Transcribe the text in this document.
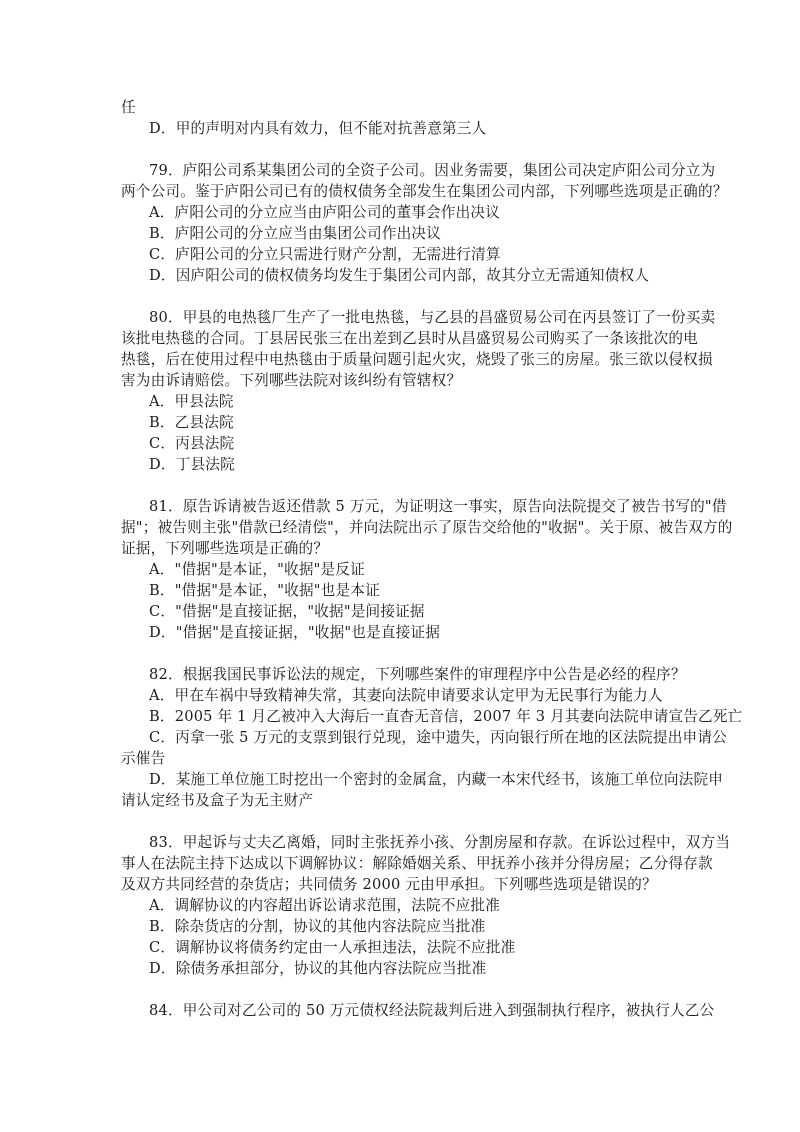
任
D．甲的声明对内具有效力，但不能对抗善意第三人
79．庐阳公司系某集团公司的全资子公司。因业务需要，集团公司决定庐阳公司分立为
两个公司。鉴于庐阳公司已有的债权债务全部发生在集团公司内部，下列哪些选项是正确的？
A．庐阳公司的分立应当由庐阳公司的董事会作出决议
B．庐阳公司的分立应当由集团公司作出决议
C．庐阳公司的分立只需进行财产分割，无需进行清算
D．因庐阳公司的债权债务均发生于集团公司内部，故其分立无需通知债权人
80．甲县的电热毯厂生产了一批电热毯，与乙县的昌盛贸易公司在丙县签订了一份买卖
该批电热毯的合同。丁县居民张三在出差到乙县时从昌盛贸易公司购买了一条该批次的电
热毯，后在使用过程中电热毯由于质量问题引起火灾，烧毁了张三的房屋。张三欲以侵权损
害为由诉请赔偿。下列哪些法院对该纠纷有管辖权？
A．甲县法院
B．乙县法院
C．丙县法院
D．丁县法院
81．原告诉请被告返还借款 5 万元，为证明这一事实，原告向法院提交了被告书写的"借
据"；被告则主张"借款已经清偿"，并向法院出示了原告交给他的"收据"。关于原、被告双方的
证据，下列哪些选项是正确的？
A．"借据"是本证，"收据"是反证
B．"借据"是本证，"收据"也是本证
C．"借据"是直接证据，"收据"是间接证据
D．"借据"是直接证据，"收据"也是直接证据
82．根据我国民事诉讼法的规定，下列哪些案件的审理程序中公告是必经的程序？
A．甲在车祸中导致精神失常，其妻向法院申请要求认定甲为无民事行为能力人
B．2005 年 1 月乙被冲入大海后一直杳无音信，2007 年 3 月其妻向法院申请宣告乙死亡
C．丙拿一张 5 万元的支票到银行兑现，途中遗失，丙向银行所在地的区法院提出申请公
示催告
D．某施工单位施工时挖出一个密封的金属盒，内藏一本宋代经书，该施工单位向法院申
请认定经书及盒子为无主财产
83．甲起诉与丈夫乙离婚，同时主张抚养小孩、分割房屋和存款。在诉讼过程中，双方当
事人在法院主持下达成以下调解协议：解除婚姻关系、甲抚养小孩并分得房屋；乙分得存款
及双方共同经营的杂货店；共同债务 2000 元由甲承担。下列哪些选项是错误的？
A．调解协议的内容超出诉讼请求范围，法院不应批准
B．除杂货店的分割，协议的其他内容法院应当批准
C．调解协议将债务约定由一人承担违法，法院不应批准
D．除债务承担部分，协议的其他内容法院应当批准
84．甲公司对乙公司的 50 万元债权经法院裁判后进入到强制执行程序，被执行人乙公
